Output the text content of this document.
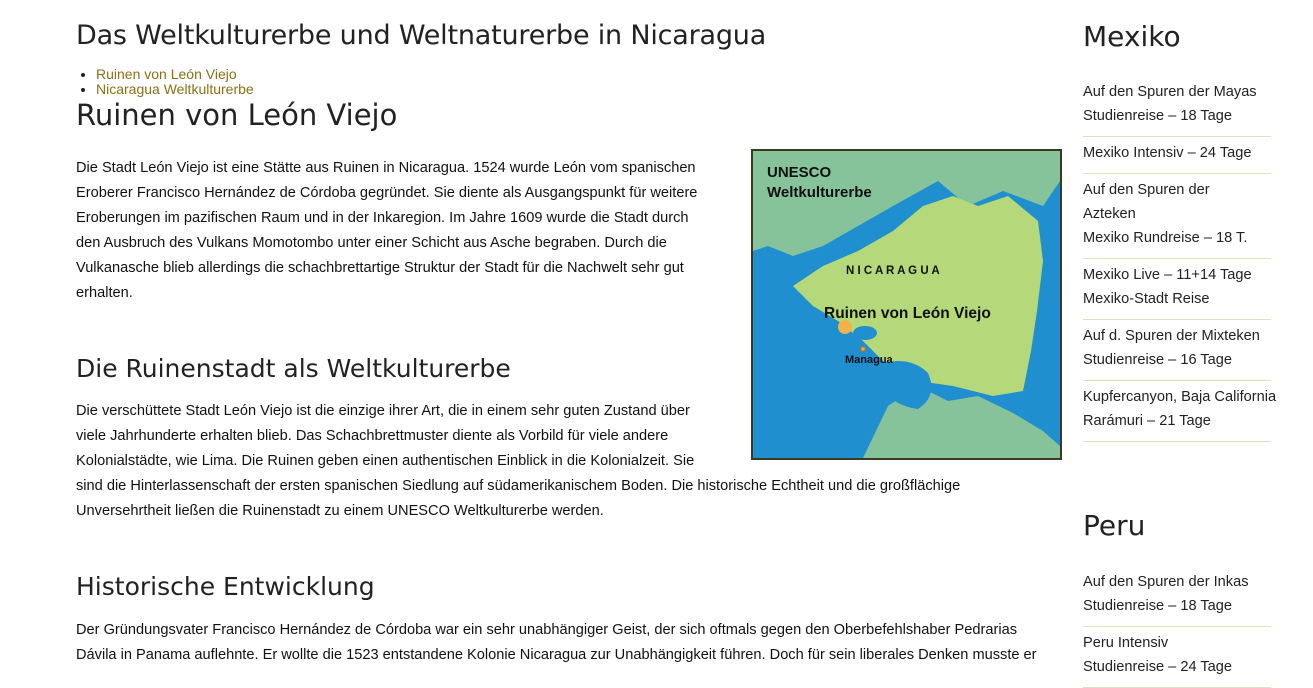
Das Weltkulturerbe und Weltnaturerbe in Nicaragua
• Ruinen von León Viejo
• Nicaragua Weltkulturerbe
Ruinen von León Viejo

Die Stadt León Viejo ist eine Stätte aus Ruinen in Nicaragua. 1524 wurde León vom spanischen
Eroberer Francisco Hernández de Córdoba gegründet. Sie diente als Ausgangspunkt für weitere
Eroberungen im pazifischen Raum und in der Inkaregion. Im Jahre 1609 wurde die Stadt durch
den Ausbruch des Vulkans Momotombo unter einer Schicht aus Asche begraben. Durch die
Vulkanasche blieb allerdings die schachbrettartige Struktur der Stadt für die Nachwelt sehr gut
erhalten.

Die Ruinenstadt als Weltkulturerbe

Die verschüttete Stadt León Viejo ist die einzige ihrer Art, die in einem sehr guten Zustand über
viele Jahrhunderte erhalten blieb. Das Schachbrettmuster diente als Vorbild für viele andere
Kolonialstädte, wie Lima. Die Ruinen geben einen authentischen Einblick in die Kolonialzeit. Sie
sind die Hinterlassenschaft der ersten spanischen Siedlung auf südamerikanischem Boden. Die historische Echtheit und die großflächige
Unversehrtheit ließen die Ruinenstadt zu einem UNESCO Weltkulturerbe werden.

Historische Entwicklung

Der Gründungsvater Francisco Hernández de Córdoba war ein sehr unabhängiger Geist, der sich oftmals gegen den Oberbefehlshaber Pedrarias
Dávila in Panama auflehnte. Er wollte die 1523 entstandene Kolonie Nicaragua zur Unabhängigkeit führen. Doch für sein liberales Denken musste er

UNESCO
Weltkulturerbe
N I C A R A G U A
Ruinen von León Viejo
Managua
Mexiko
Auf den Spuren der Mayas
Studienreise – 18 Tage
Mexiko Intensiv – 24 Tage
Auf den Spuren der
Azteken
Mexiko Rundreise – 18 T.
Mexiko Live – 11+14 Tage
Mexiko-Stadt Reise
Auf d. Spuren der Mixteken
Studienreise – 16 Tage
Kupfercanyon, Baja California
Rarámuri – 21 Tage
Peru
Auf den Spuren der Inkas
Studienreise – 18 Tage
Peru Intensiv
Studienreise – 24 Tage
